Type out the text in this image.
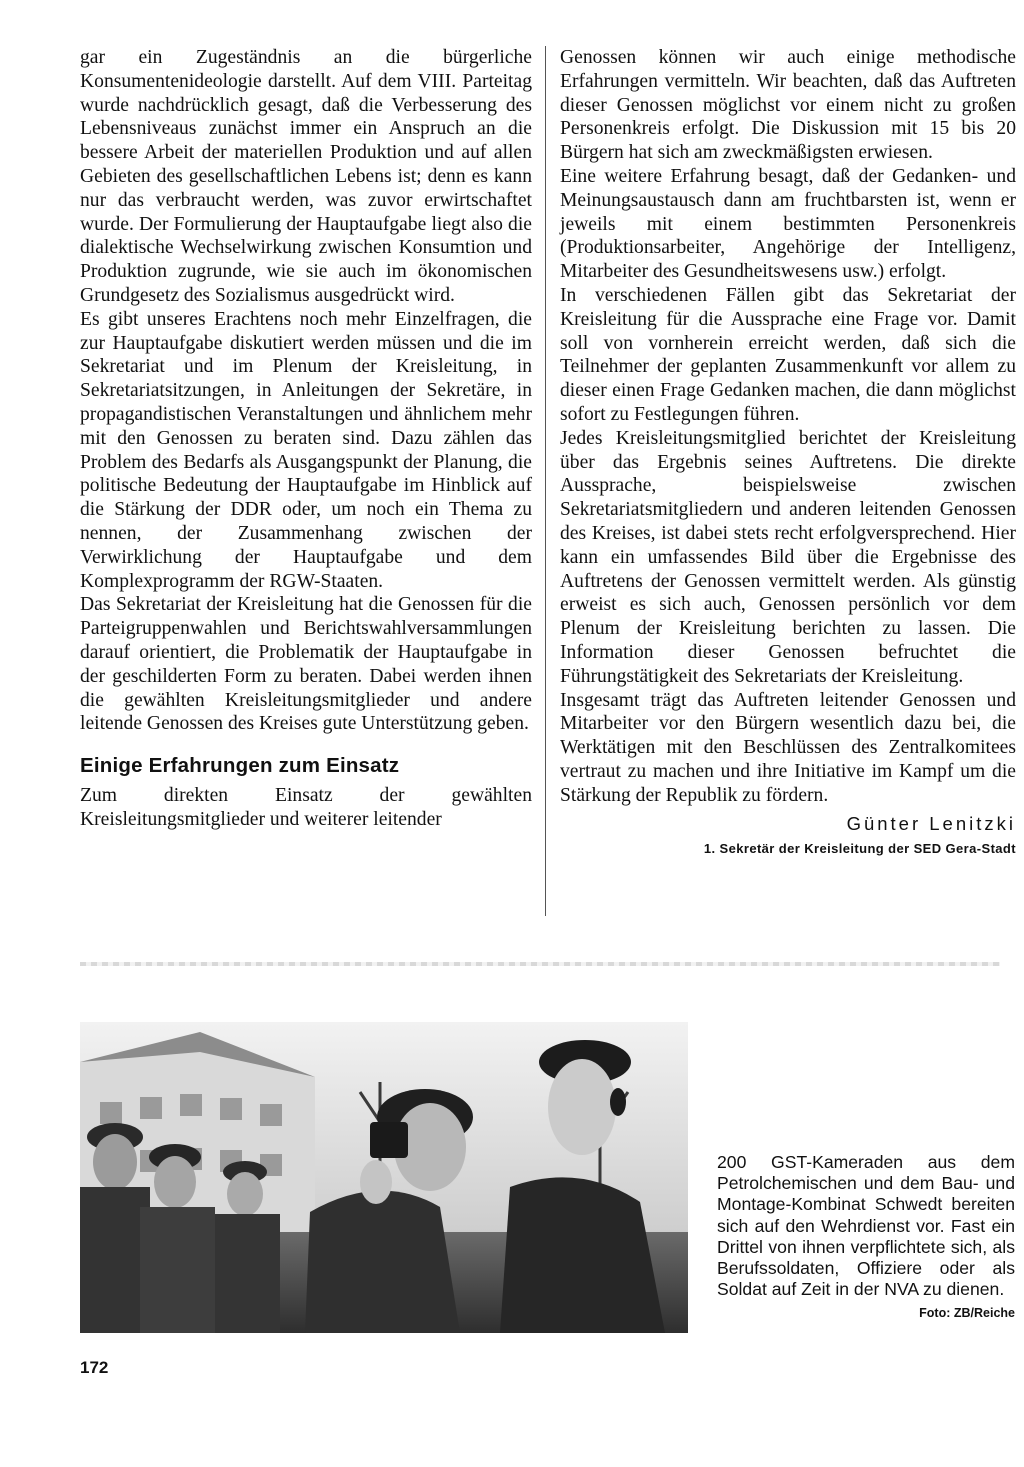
gar ein Zugeständnis an die bürgerliche Konsumentenideologie darstellt. Auf dem VIII. Parteitag wurde nachdrücklich gesagt, daß die Verbesserung des Lebensniveaus zunächst immer ein Anspruch an die bessere Arbeit der materiellen Produktion und auf allen Gebieten des gesellschaftlichen Lebens ist; denn es kann nur das verbraucht werden, was zuvor erwirtschaftet wurde. Der Formulierung der Hauptaufgabe liegt also die dialektische Wechselwirkung zwischen Konsumtion und Produktion zugrunde, wie sie auch im ökonomischen Grundgesetz des Sozialismus ausgedrückt wird.

Es gibt unseres Erachtens noch mehr Einzelfragen, die zur Hauptaufgabe diskutiert werden müssen und die im Sekretariat und im Plenum der Kreisleitung, in Sekretariatsitzungen, in Anleitungen der Sekretäre, in propagandistischen Veranstaltungen und ähnlichem mehr mit den Genossen zu beraten sind. Dazu zählen das Problem des Bedarfs als Ausgangspunkt der Planung, die politische Bedeutung der Hauptaufgabe im Hinblick auf die Stärkung der DDR oder, um noch ein Thema zu nennen, der Zusammenhang zwischen der Verwirklichung der Hauptaufgabe und dem Komplexprogramm der RGW-Staaten.

Das Sekretariat der Kreisleitung hat die Genossen für die Parteigruppenwahlen und Berichtswahlversammlungen darauf orientiert, die Problematik der Hauptaufgabe in der geschilderten Form zu beraten. Dabei werden ihnen die gewählten Kreisleitungsmitglieder und andere leitende Genossen des Kreises gute Unterstützung geben.

Einige Erfahrungen zum Einsatz

Zum direkten Einsatz der gewählten Kreisleitungsmitglieder und weiterer leitender

Genossen können wir auch einige methodische Erfahrungen vermitteln. Wir beachten, daß das Auftreten dieser Genossen möglichst vor einem nicht zu großen Personenkreis erfolgt. Die Diskussion mit 15 bis 20 Bürgern hat sich am zweckmäßigsten erwiesen.

Eine weitere Erfahrung besagt, daß der Gedanken- und Meinungsaustausch dann am fruchtbarsten ist, wenn er jeweils mit einem bestimmten Personenkreis (Produktionsarbeiter, Angehörige der Intelligenz, Mitarbeiter des Gesundheitswesens usw.) erfolgt.

In verschiedenen Fällen gibt das Sekretariat der Kreisleitung für die Aussprache eine Frage vor. Damit soll von vornherein erreicht werden, daß sich die Teilnehmer der geplanten Zusammenkunft vor allem zu dieser einen Frage Gedanken machen, die dann möglichst sofort zu Festlegungen führen.

Jedes Kreisleitungsmitglied berichtet der Kreisleitung über das Ergebnis seines Auftretens. Die direkte Aussprache, beispielsweise zwischen Sekretariatsmitgliedern und anderen leitenden Genossen des Kreises, ist dabei stets recht erfolgversprechend. Hier kann ein umfassendes Bild über die Ergebnisse des Auftretens der Genossen vermittelt werden. Als günstig erweist es sich auch, Genossen persönlich vor dem Plenum der Kreisleitung berichten zu lassen. Die Information dieser Genossen befruchtet die Führungstätigkeit des Sekretariats der Kreisleitung.

Insgesamt trägt das Auftreten leitender Genossen und Mitarbeiter vor den Bürgern wesentlich dazu bei, die Werktätigen mit den Beschlüssen des Zentralkomitees vertraut zu machen und ihre Initiative im Kampf um die Stärkung der Republik zu fördern.

Günter Lenitzki
1. Sekretär der Kreisleitung der SED Gera-Stadt
200 GST-Kameraden aus dem Petrolchemischen und dem Bau- und Montage-Kombinat Schwedt bereiten sich auf den Wehrdienst vor. Fast ein Drittel von ihnen verpflichtete sich, als Berufssoldaten, Offiziere oder als Soldat auf Zeit in der NVA zu dienen.
Foto: ZB/Reiche
172
